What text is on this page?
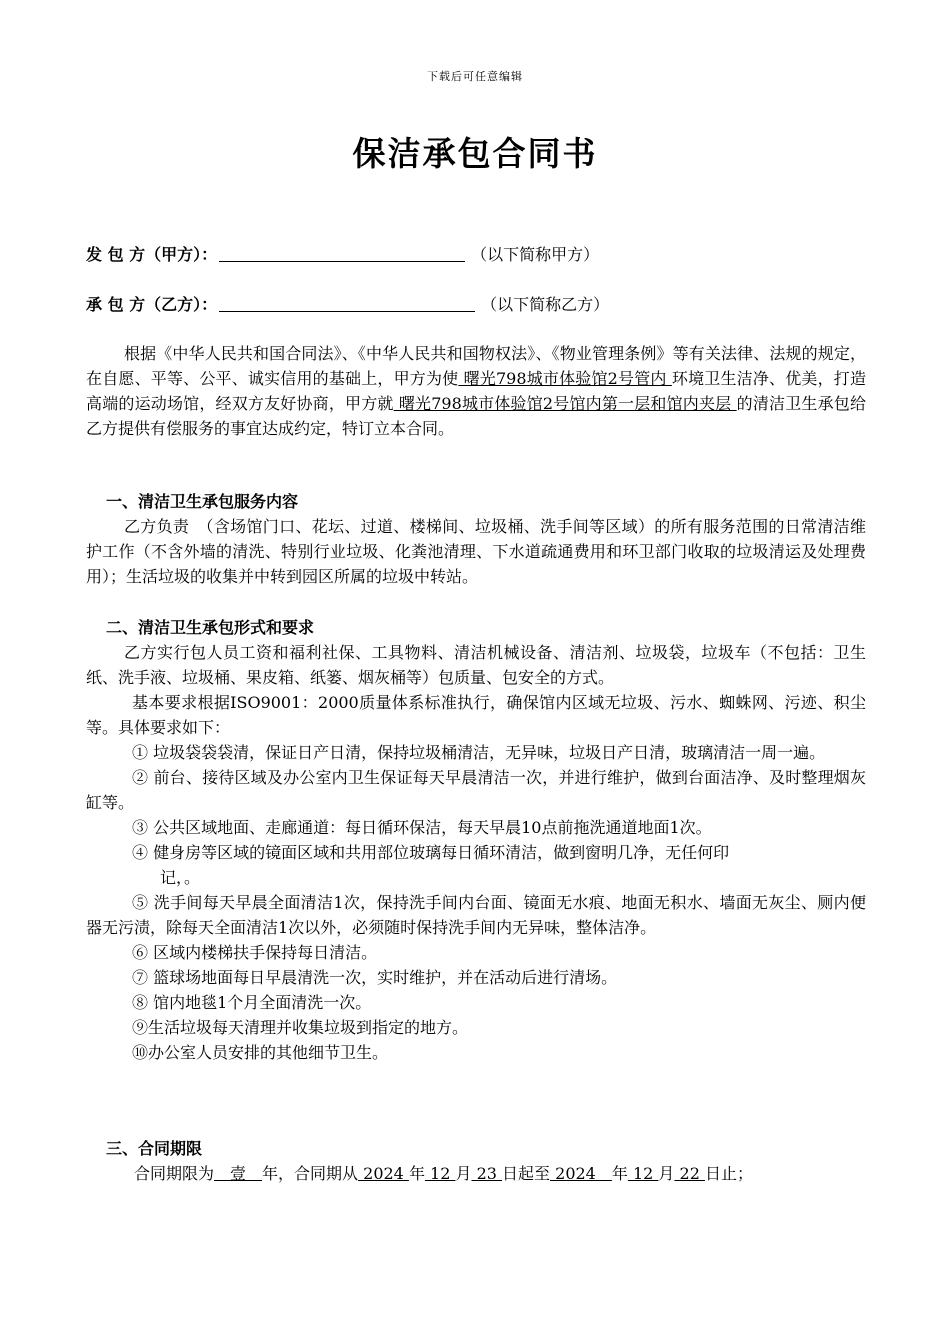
下载后可任意编辑
保洁承包合同书
发 包 方（甲方）：	（以下简称甲方）
承 包 方（乙方）：	（以下简称乙方）
根据《中华人民共和国合同法》、《中华人民共和国物权法》、《物业管理条例》等有关法律、法规的规定，在自愿、平等、公平、诚实信用的基础上，甲方为使 曙光798城市体验馆2号管内 环境卫生洁净、优美，打造高端的运动场馆，经双方友好协商，甲方就 曙光798城市体验馆2号馆内第一层和馆内夹层 的清洁卫生承包给乙方提供有偿服务的事宜达成约定，特订立本合同。
一、清洁卫生承包服务内容
乙方负责　（含场馆门口、花坛、过道、楼梯间、垃圾桶、洗手间等区域）的所有服务范围的日常清洁维护工作（不含外墙的清洗、特别行业垃圾、化粪池清理、下水道疏通费用和环卫部门收取的垃圾清运及处理费用）；生活垃圾的收集并中转到园区所属的垃圾中转站。
二、清洁卫生承包形式和要求
乙方实行包人员工资和福利社保、工具物料、清洁机械设备、清洁剂、垃圾袋，垃圾车（不包括：卫生纸、洗手液、垃圾桶、果皮箱、纸篓、烟灰桶等）包质量、包安全的方式。
基本要求根据ISO9001：2000质量体系标准执行，确保馆内区域无垃圾、污水、蜘蛛网、污迹、积尘等。具体要求如下：
① 垃圾袋袋袋清，保证日产日清，保持垃圾桶清洁，无异味，垃圾日产日清，玻璃清洁一周一遍。
② 前台、接待区域及办公室内卫生保证每天早晨清洁一次，并进行维护，做到台面洁净、及时整理烟灰缸等。
③ 公共区域地面、走廊通道：每日循环保洁，每天早晨10点前拖洗通道地面1次。
④ 健身房等区域的镜面区域和共用部位玻璃每日循环清洁，做到窗明几净，无任何印
记，。
⑤ 洗手间每天早晨全面清洁1次，保持洗手间内台面、镜面无水痕、地面无积水、墙面无灰尘、厕内便器无污渍，除每天全面清洁1次以外，必须随时保持洗手间内无异味，整体洁净。
⑥ 区域内楼梯扶手保持每日清洁。
⑦ 篮球场地面每日早晨清洗一次，实时维护，并在活动后进行清场。
⑧ 馆内地毯1个月全面清洗一次。
⑨生活垃圾每天清理并收集垃圾到指定的地方。
⑩办公室人员安排的其他细节卫生。
三、合同期限
合同期限为　壹　年，合同期从 2024 年 12 月 23 日起至 2024　年 12 月 22 日止；
